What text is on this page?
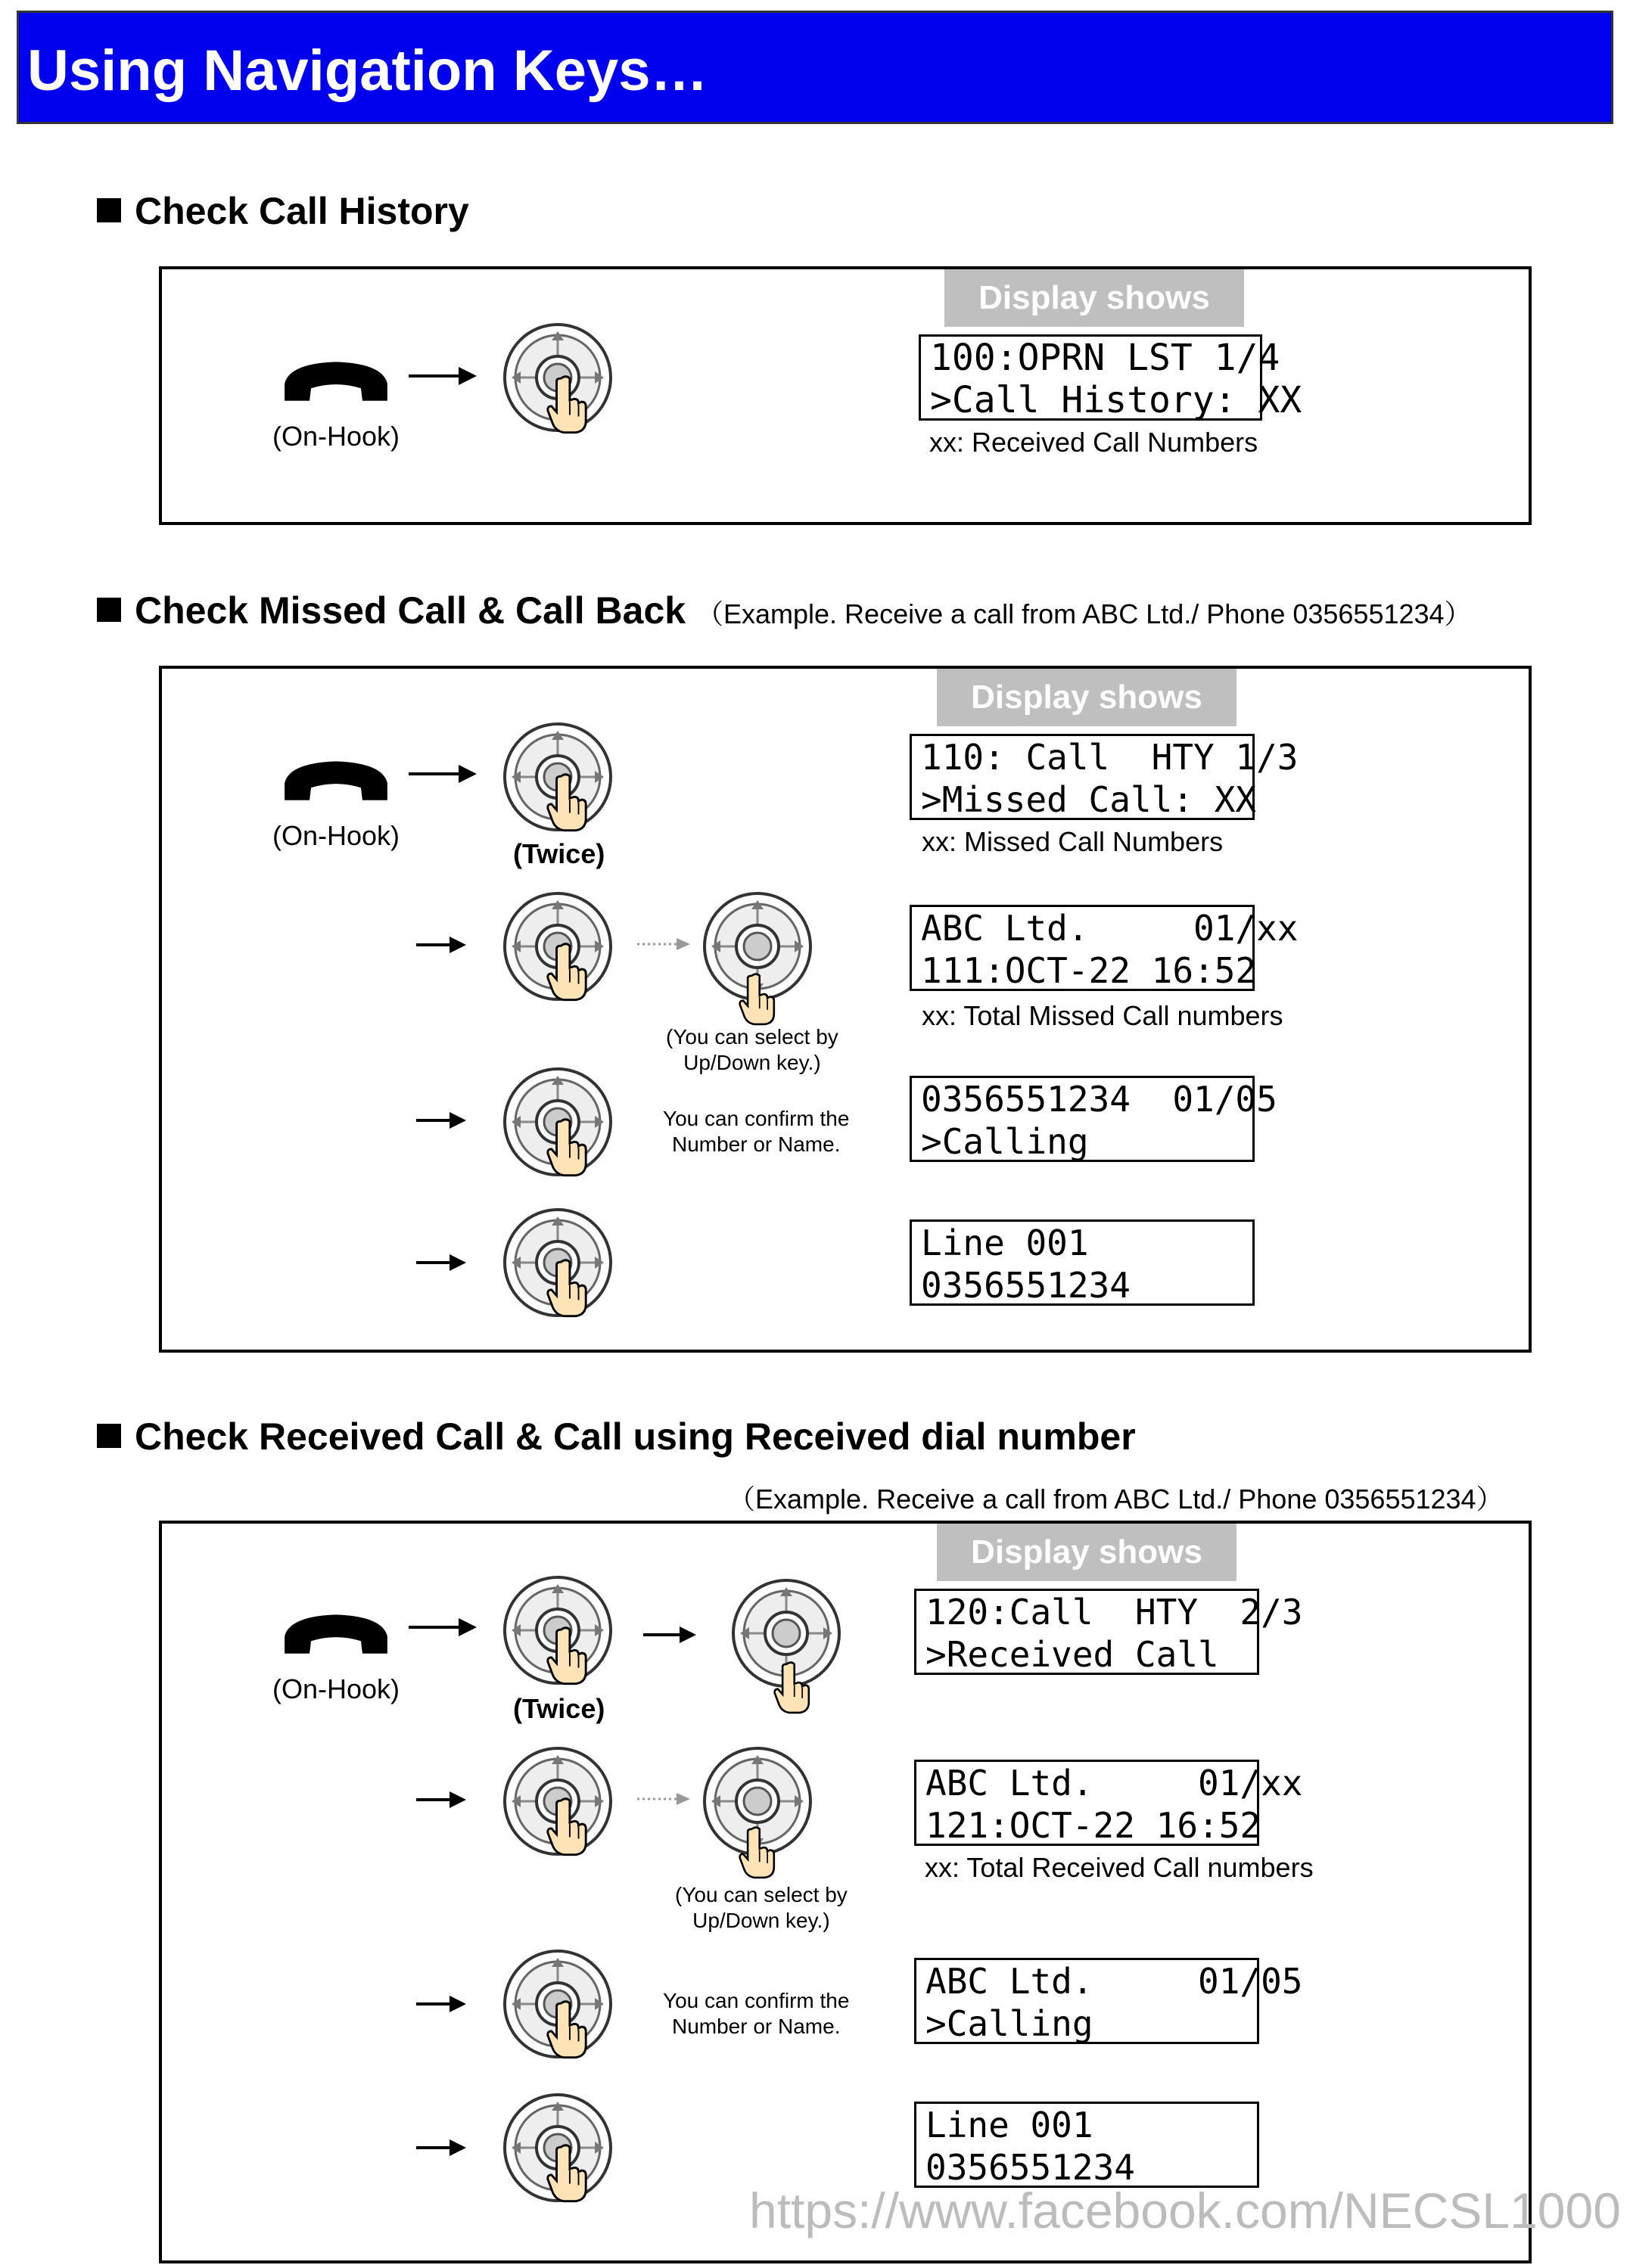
Using Navigation Keys…
Check Call History
(On-Hook)
Display shows
100:OPRN LST 1/4
>Call History: XX
xx: Received Call Numbers
Check Missed Call & Call Back （Example. Receive a call from ABC Ltd./ Phone 0356551234）
(On-Hook)
(Twice)
Display shows
110: Call  HTY 1/3
>Missed Call: XX
xx: Missed Call Numbers
(You can select by
Up/Down key.)
ABC Ltd.     01/xx
111:OCT-22 16:52
xx: Total Missed Call numbers
You can confirm the
Number or Name.
0356551234  01/05
>Calling
Line 001
0356551234
Check Received Call & Call using Received dial number
（Example. Receive a call from ABC Ltd./ Phone 0356551234）
(On-Hook)
(Twice)
Display shows
120:Call  HTY  2/3
>Received Call
(You can select by
Up/Down key.)
ABC Ltd.     01/xx
121:OCT-22 16:52
xx: Total Received Call numbers
You can confirm the
Number or Name.
ABC Ltd.     01/05
>Calling
Line 001
0356551234
https://www.facebook.com/NECSL1000
